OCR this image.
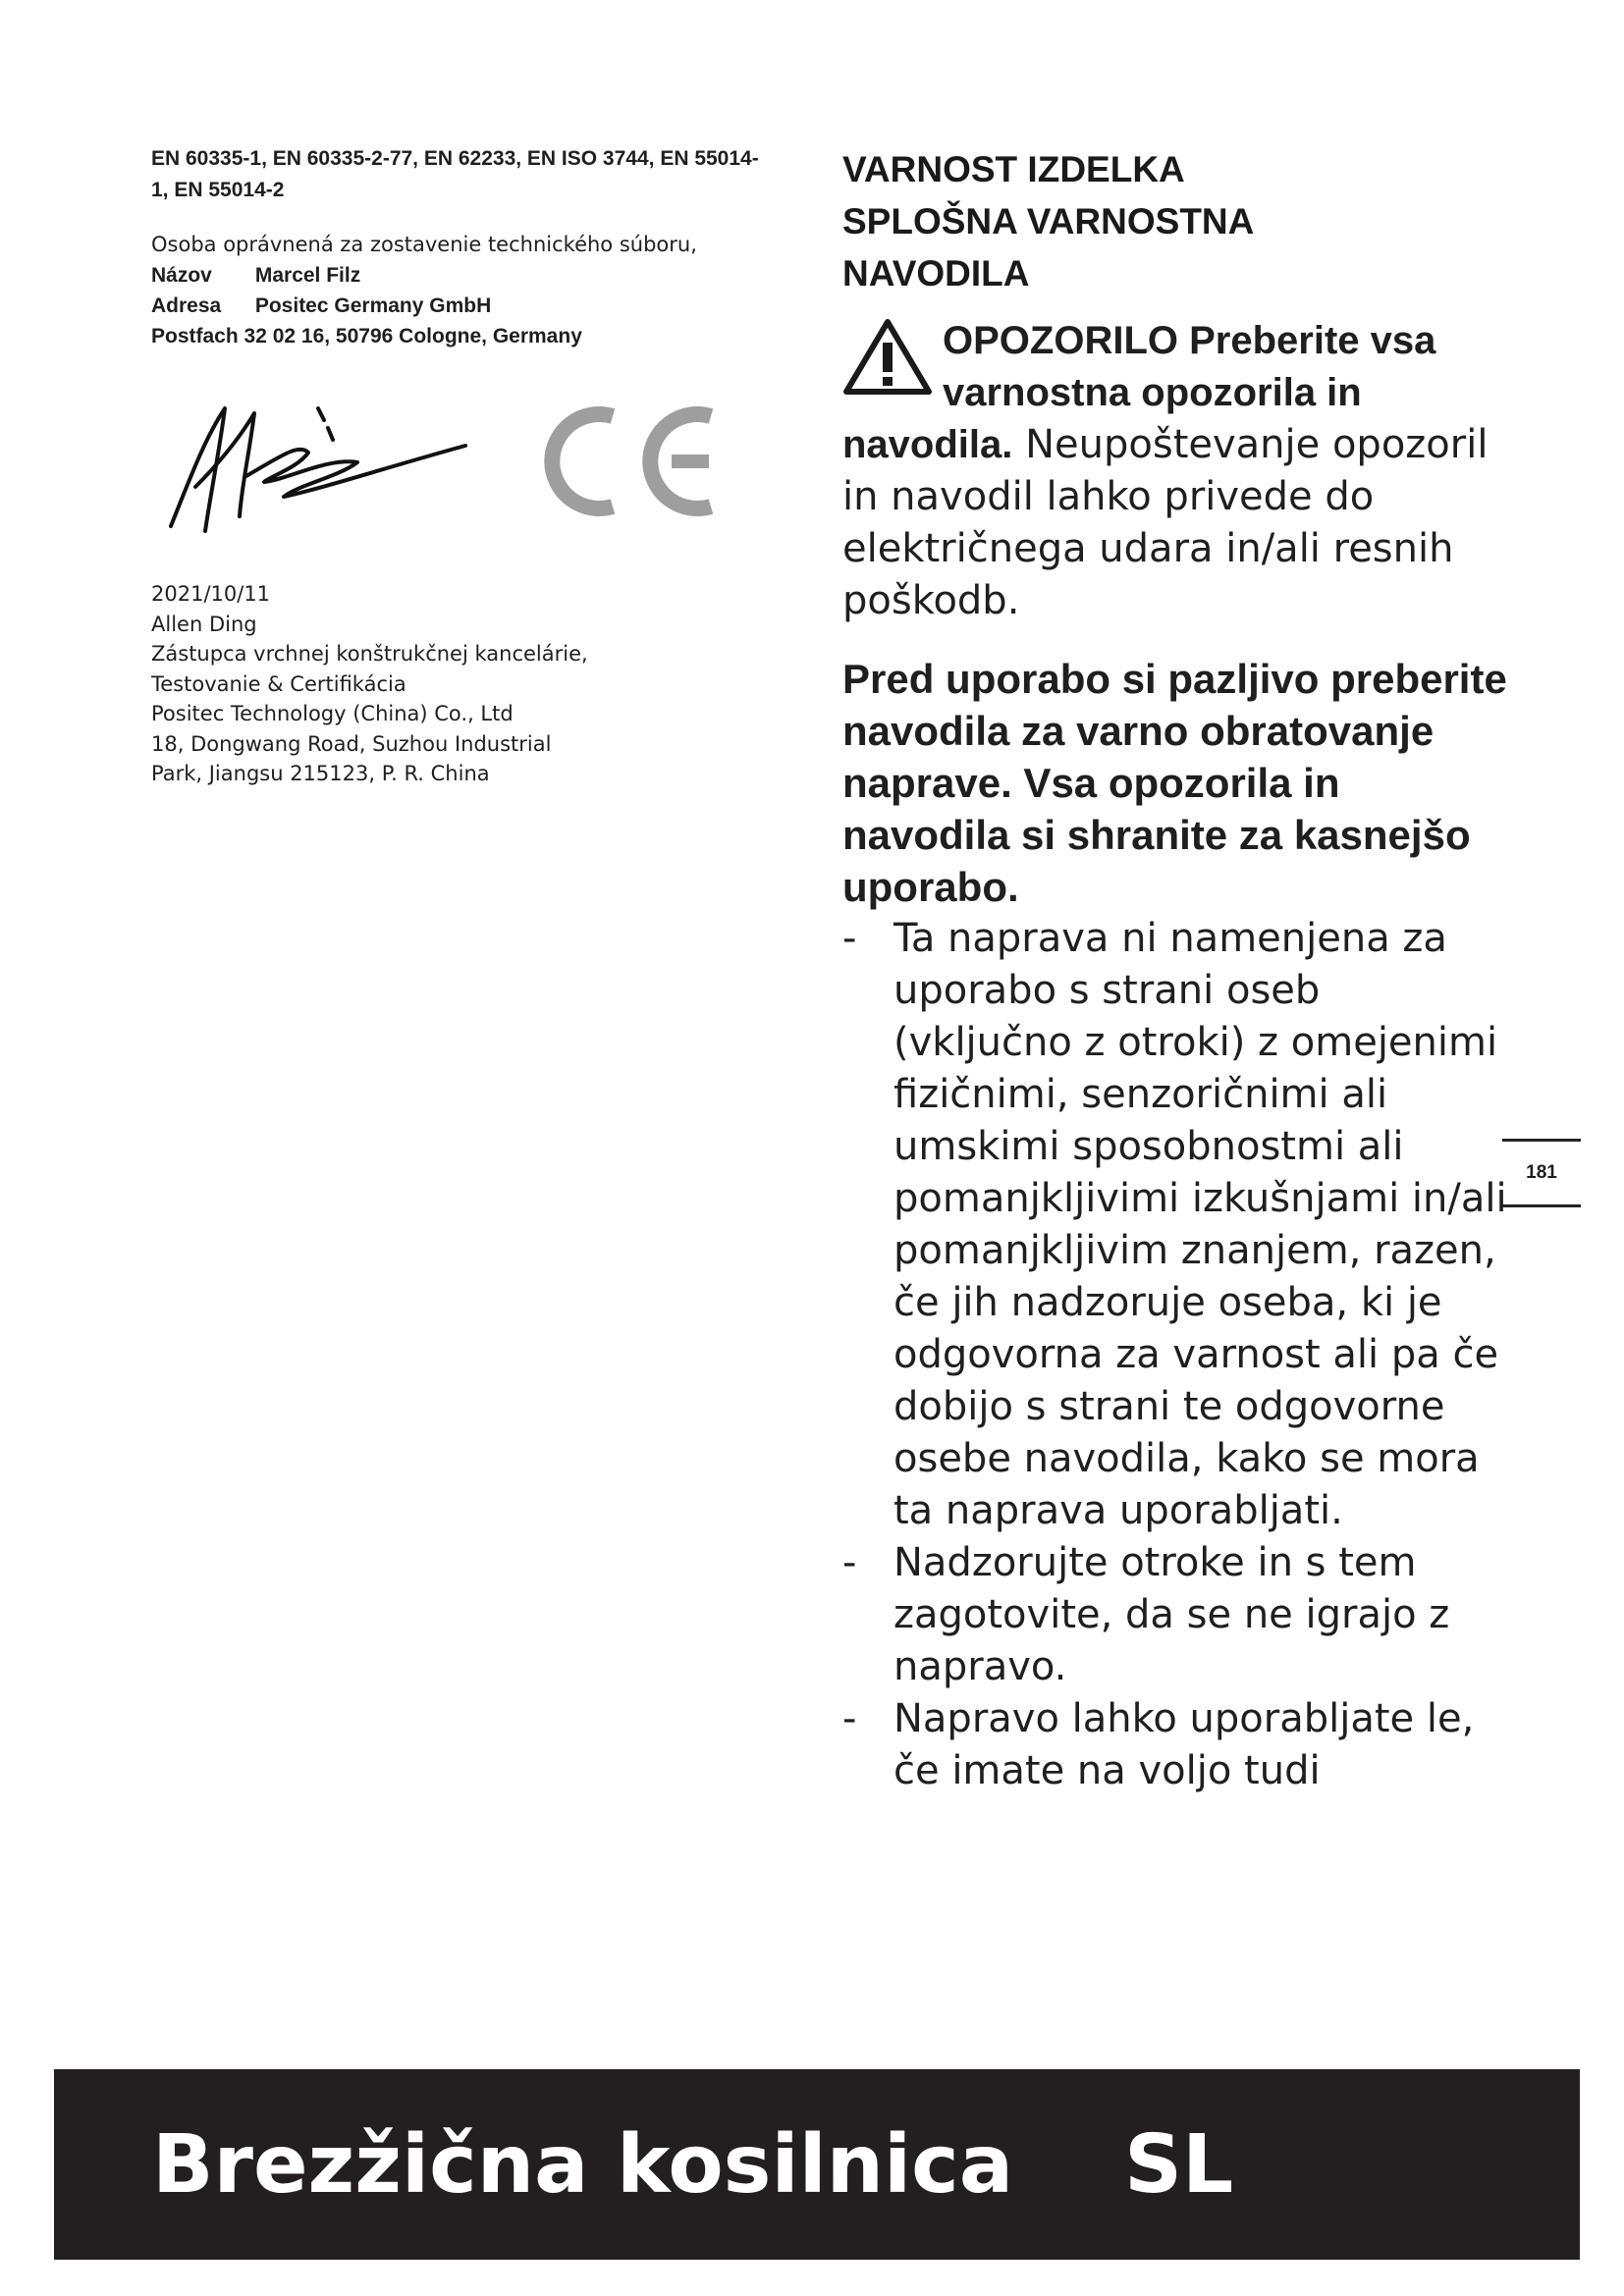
EN 60335-1, EN 60335-2-77, EN 62233, EN ISO 3744, EN 55014-1, EN 55014-2

Osoba oprávnená za zostavenie technického súboru,
Názov Marcel Filz
Adresa Positec Germany GmbH
Postfach 32 02 16, 50796 Cologne, Germany
2021/10/11
Allen Ding
Zástupca vrchnej konštrukčnej kancelárie,
Testovanie & Certifikácia
Positec Technology (China) Co., Ltd
18, Dongwang Road, Suzhou Industrial
Park, Jiangsu 215123, P. R. China

VARNOST IZDELKA
SPLOŠNA VARNOSTNA
NAVODILA

OPOZORILO Preberite vsa varnostna opozorila in navodila. Neupoštevanje opozoril in navodil lahko privede do električnega udara in/ali resnih poškodb.
Pred uporabo si pazljivo preberite navodila za varno obratovanje naprave. Vsa opozorila in navodila si shranite za kasnejšo uporabo.
- Ta naprava ni namenjena za uporabo s strani oseb (vključno z otroki) z omejenimi fizičnimi, senzoričnimi ali umskimi sposobnostmi ali pomanjkljivimi izkušnjami in/ali pomanjkljivim znanjem, razen, če jih nadzoruje oseba, ki je odgovorna za varnost ali pa če dobijo s strani te odgovorne osebe navodila, kako se mora ta naprava uporabljati.
- Nadzorujte otroke in s tem zagotovite, da se ne igrajo z napravo.
- Napravo lahko uporabljate le, če imate na voljo tudi
181
Brezžična kosilnica SL
